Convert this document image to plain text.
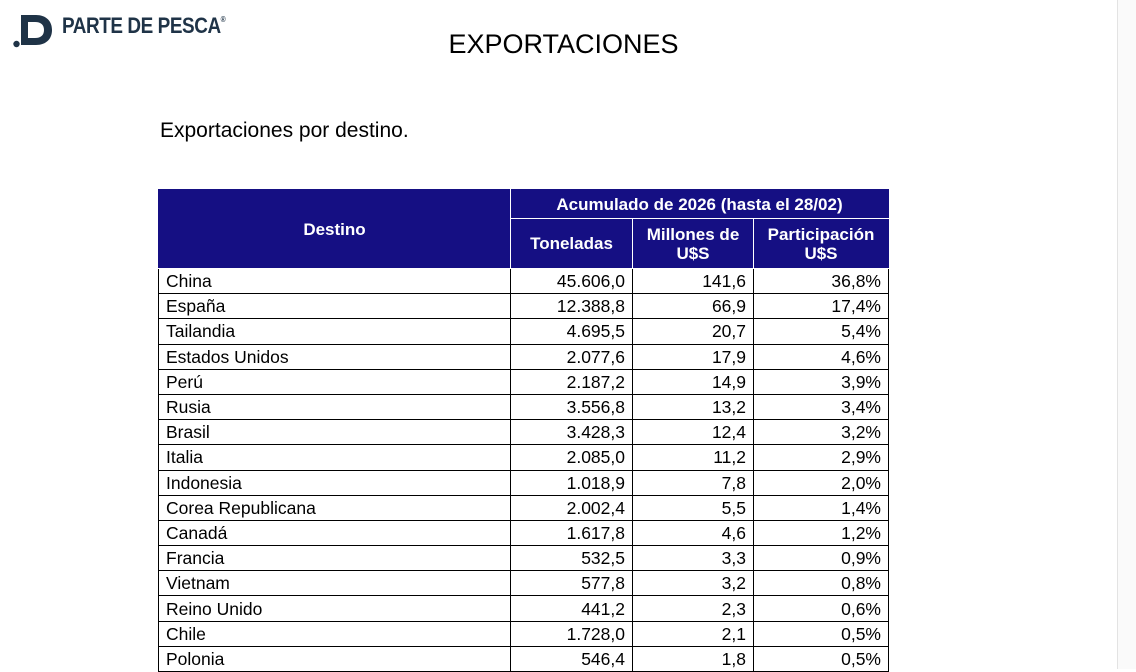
PARTE DE PESCA®
EXPORTACIONES
Exportaciones por destino.
Destino	Acumulado de 2026 (hasta el 28/02)		
	Toneladas	Millones de U$S	Participación U$S
China	45.606,0	141,6	36,8%
España	12.388,8	66,9	17,4%
Tailandia	4.695,5	20,7	5,4%
Estados Unidos	2.077,6	17,9	4,6%
Perú	2.187,2	14,9	3,9%
Rusia	3.556,8	13,2	3,4%
Brasil	3.428,3	12,4	3,2%
Italia	2.085,0	11,2	2,9%
Indonesia	1.018,9	7,8	2,0%
Corea Republicana	2.002,4	5,5	1,4%
Canadá	1.617,8	4,6	1,2%
Francia	532,5	3,3	0,9%
Vietnam	577,8	3,2	0,8%
Reino Unido	441,2	2,3	0,6%
Chile	1.728,0	2,1	0,5%
Polonia	546,4	1,8	0,5%
